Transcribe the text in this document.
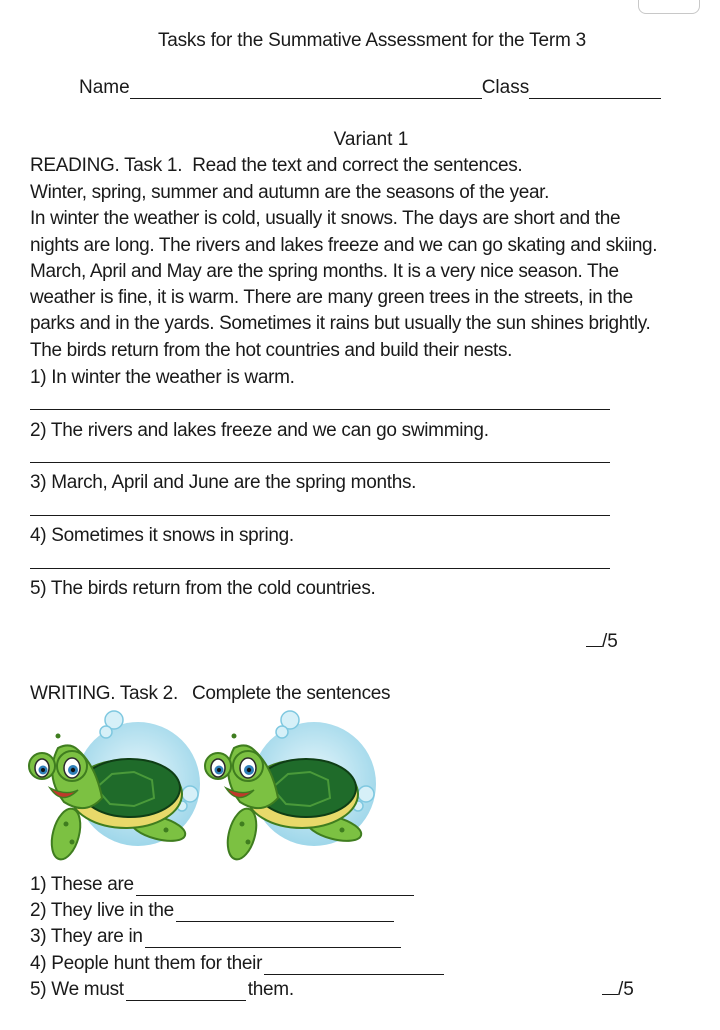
Tasks for the Summative Assessment for the Term 3
Name	Class
Variant 1
READING. Task 1. Read the text and correct the sentences.

Winter, spring, summer and autumn are the seasons of the year.

In winter the weather is cold, usually it snows. The days are short and the

nights are long. The rivers and lakes freeze and we can go skating and skiing.

March, April and May are the spring months. It is a very nice season. The

weather is fine, it is warm. There are many green trees in the streets, in the

parks and in the yards. Sometimes it rains but usually the sun shines brightly.

The birds return from the hot countries and build their nests.

1) In winter the weather is warm.
2) The rivers and lakes freeze and we can go swimming.
3) March, April and June are the spring months.
4) Sometimes it snows in spring.
5) The birds return from the cold countries.
/5
WRITING. Task 2. Complete the sentences
1) These are
2) They live in the
3) They are in
4) People hunt them for their
5) We must	them.	/5
